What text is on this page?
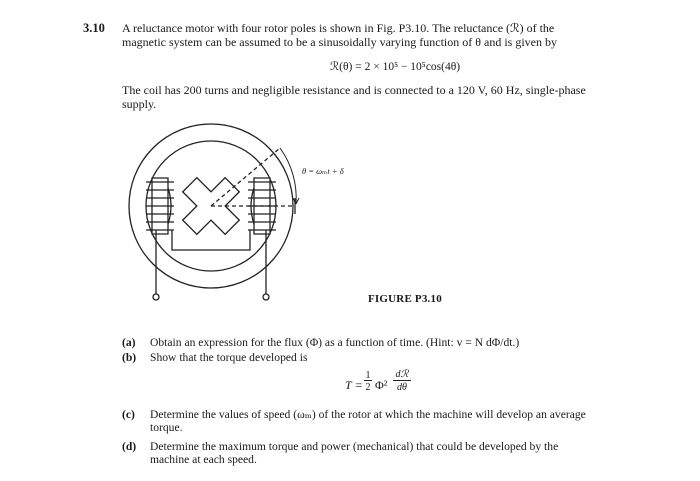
3.10 A reluctance motor with four rotor poles is shown in Fig. P3.10. The reluctance (ℛ) of the
magnetic system can be assumed to be a sinusoidally varying function of θ and is given by
ℛ(θ) = 2 × 10⁵ − 10⁵cos(4θ)
The coil has 200 turns and negligible resistance and is connected to a 120 V, 60 Hz, single-phase
supply.
θ = ωₘt + δ
FIGURE P3.10
(a) Obtain an expression for the flux (Φ) as a function of time. (Hint: v = N dΦ/dt.)
(b) Show that the torque developed is
T =
1
2 Φ²
dℛ
dθ
(c) Determine the values of speed (ωₘ) of the rotor at which the machine will develop an average
torque.
(d) Determine the maximum torque and power (mechanical) that could be developed by the
machine at each speed.
